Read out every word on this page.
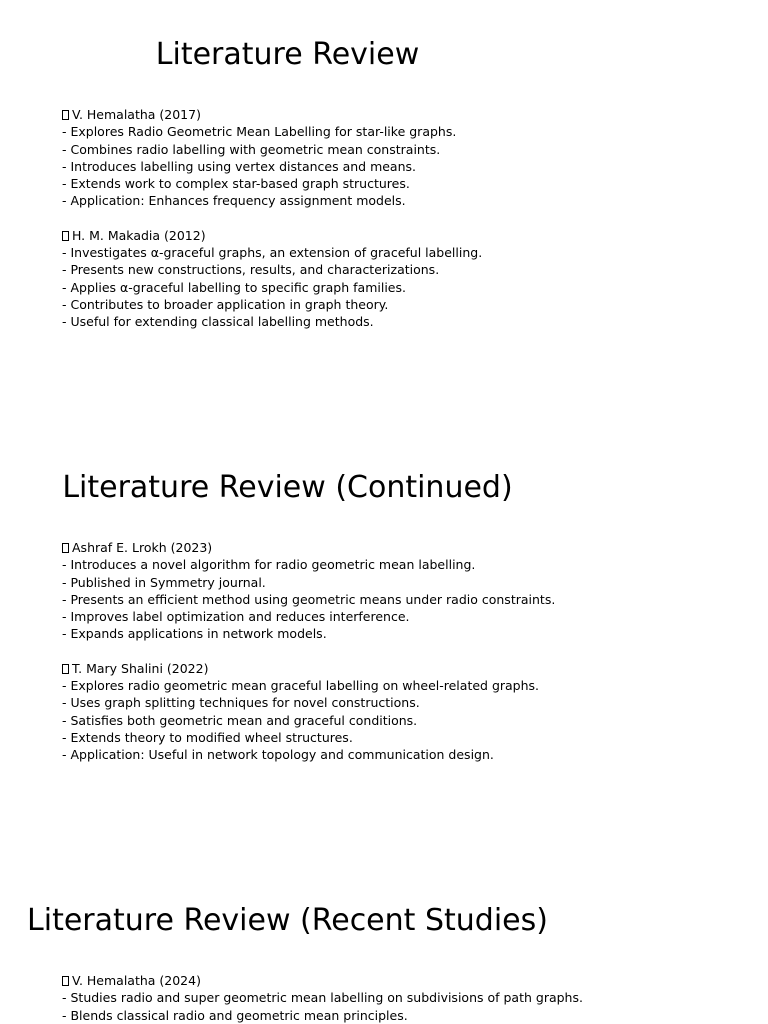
Literature Review
V. Hemalatha (2017)
- Explores Radio Geometric Mean Labelling for star-like graphs.
- Combines radio labelling with geometric mean constraints.
- Introduces labelling using vertex distances and means.
- Extends work to complex star-based graph structures.
- Application: Enhances frequency assignment models.
H. M. Makadia (2012)
- Investigates α-graceful graphs, an extension of graceful labelling.
- Presents new constructions, results, and characterizations.
- Applies α-graceful labelling to specific graph families.
- Contributes to broader application in graph theory.
- Useful for extending classical labelling methods.
Literature Review (Continued)
Ashraf E. Lrokh (2023)
- Introduces a novel algorithm for radio geometric mean labelling.
- Published in Symmetry journal.
- Presents an efficient method using geometric means under radio constraints.
- Improves label optimization and reduces interference.
- Expands applications in network models.
T. Mary Shalini (2022)
- Explores radio geometric mean graceful labelling on wheel-related graphs.
- Uses graph splitting techniques for novel constructions.
- Satisfies both geometric mean and graceful conditions.
- Extends theory to modified wheel structures.
- Application: Useful in network topology and communication design.
Literature Review (Recent Studies)
V. Hemalatha (2024)
- Studies radio and super geometric mean labelling on subdivisions of path graphs.
- Blends classical radio and geometric mean principles.
